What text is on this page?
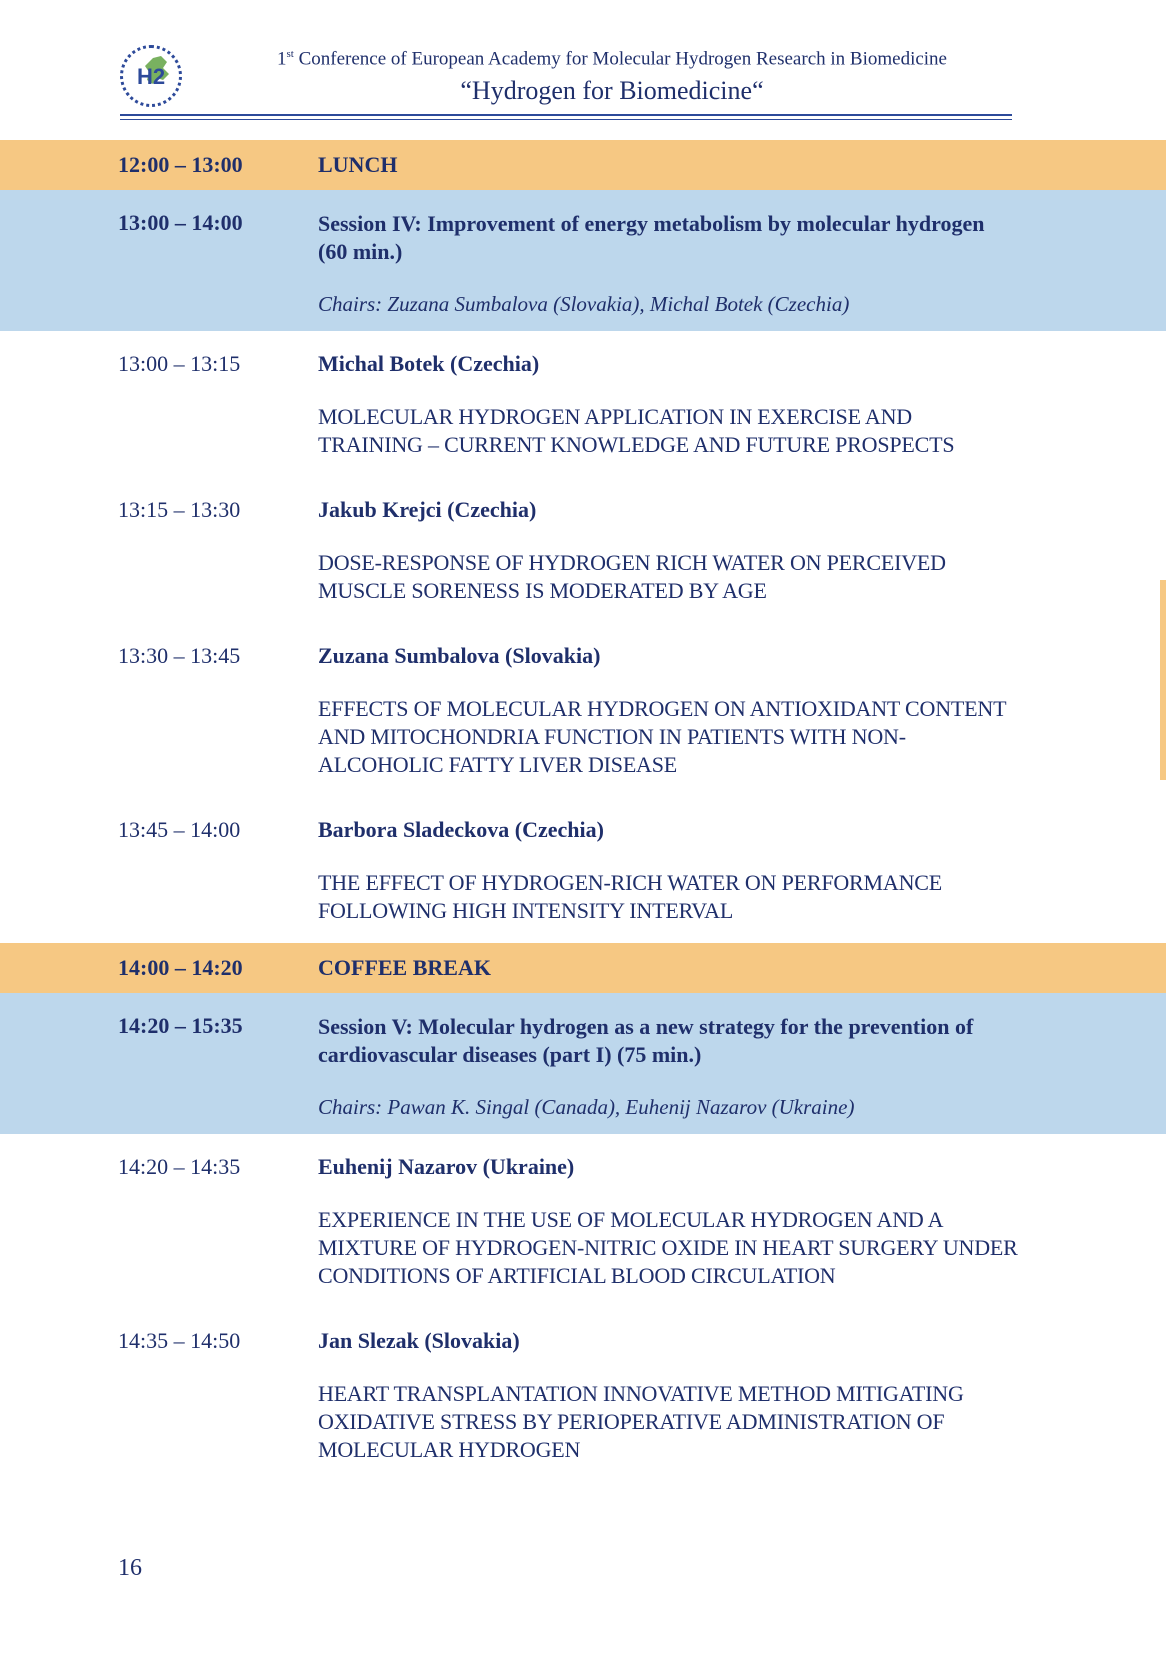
H2
1st Conference of European Academy for Molecular Hydrogen Research in Biomedicine
“Hydrogen for Biomedicine“
12:00 – 13:00	LUNCH
13:00 – 14:00	Session IV: Improvement of energy metabolism by molecular hydrogen (60 min.)
Chairs: Zuzana Sumbalova (Slovakia), Michal Botek (Czechia)
13:00 – 13:15	Michal Botek (Czechia)
MOLECULAR HYDROGEN APPLICATION IN EXERCISE AND TRAINING – CURRENT KNOWLEDGE AND FUTURE PROSPECTS
13:15 – 13:30	Jakub Krejci (Czechia)
DOSE-RESPONSE OF HYDROGEN RICH WATER ON PERCEIVED MUSCLE SORENESS IS MODERATED BY AGE
13:30 – 13:45	Zuzana Sumbalova (Slovakia)
EFFECTS OF MOLECULAR HYDROGEN ON ANTIOXIDANT CONTENT AND MITOCHONDRIA FUNCTION IN PATIENTS WITH NON-ALCOHOLIC FATTY LIVER DISEASE
13:45 – 14:00	Barbora Sladeckova (Czechia)
THE EFFECT OF HYDROGEN-RICH WATER ON PERFORMANCE FOLLOWING HIGH INTENSITY INTERVAL
14:00 – 14:20	COFFEE BREAK
14:20 – 15:35	Session V: Molecular hydrogen as a new strategy for the prevention of cardiovascular diseases (part I) (75 min.)
Chairs: Pawan K. Singal (Canada), Euhenij Nazarov (Ukraine)
14:20 – 14:35	Euhenij Nazarov (Ukraine)
EXPERIENCE IN THE USE OF MOLECULAR HYDROGEN AND A MIXTURE OF HYDROGEN-NITRIC OXIDE IN HEART SURGERY UNDER CONDITIONS OF ARTIFICIAL BLOOD CIRCULATION
14:35 – 14:50	Jan Slezak (Slovakia)
HEART TRANSPLANTATION INNOVATIVE METHOD MITIGATING OXIDATIVE STRESS BY PERIOPERATIVE ADMINISTRATION OF MOLECULAR HYDROGEN
16
